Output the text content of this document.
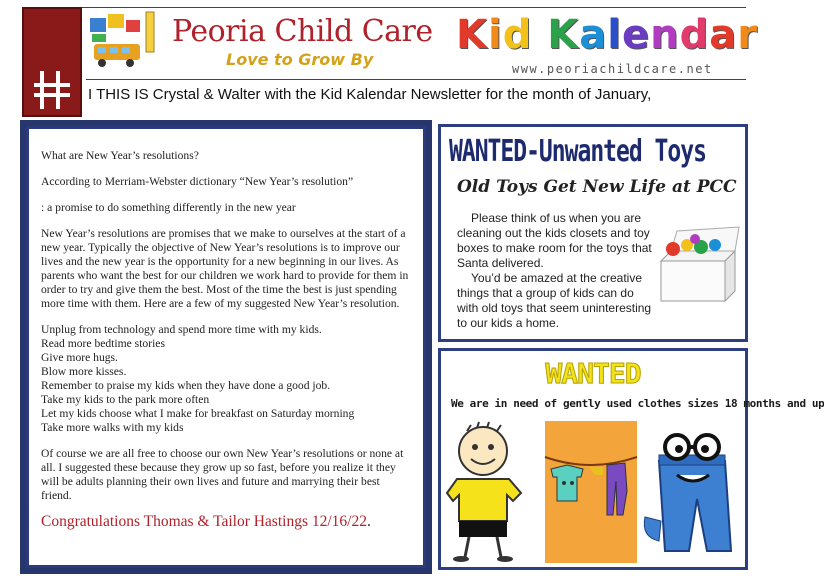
Peoria Child Care
Love to Grow By
Kid Kalendar
www.peoriachildcare.net
I THIS IS Crystal & Walter with the Kid Kalendar Newsletter for the month of January,

What are New Year’s resolutions?

According to Merriam-Webster dictionary “New Year’s resolution”

: a promise to do something differently in the new year

New Year’s resolutions are promises that we make to ourselves at the start of a new year. Typically the objective of New Year’s resolutions is to improve our lives and the new year is the opportunity for a new beginning in our lives. As parents who want the best for our children we work hard to provide for them in order to try and give them the best. Most of the time the best is just spending more time with them. Here are a few of my suggested New Year’s resolution.

Unplug from technology and spend more time with my kids.

Read more bedtime stories

Give more hugs.

Blow more kisses.

Remember to praise my kids when they have done a good job.

Take my kids to the park more often

Let my kids choose what I make for breakfast on Saturday morning

Take more walks with my kids

Of course we are all free to choose our own New Year’s resolutions or none at all. I suggested these because they grow up so fast, before you realize it they will be adults planning their own lives and future and marrying their best friend.

Congratulations Thomas & Tailor Hastings 12/16/22.
WANTED-Unwanted Toys
Old Toys Get New Life at PCC

Please think of us when you are cleaning out the kids closets and toy boxes to make room for the toys that Santa delivered.

You’d be amazed at the creative things that a group of kids can do with old toys that seem uninteresting to our kids a home.

WANTED
We are in need of gently used clothes sizes 18 months and up
